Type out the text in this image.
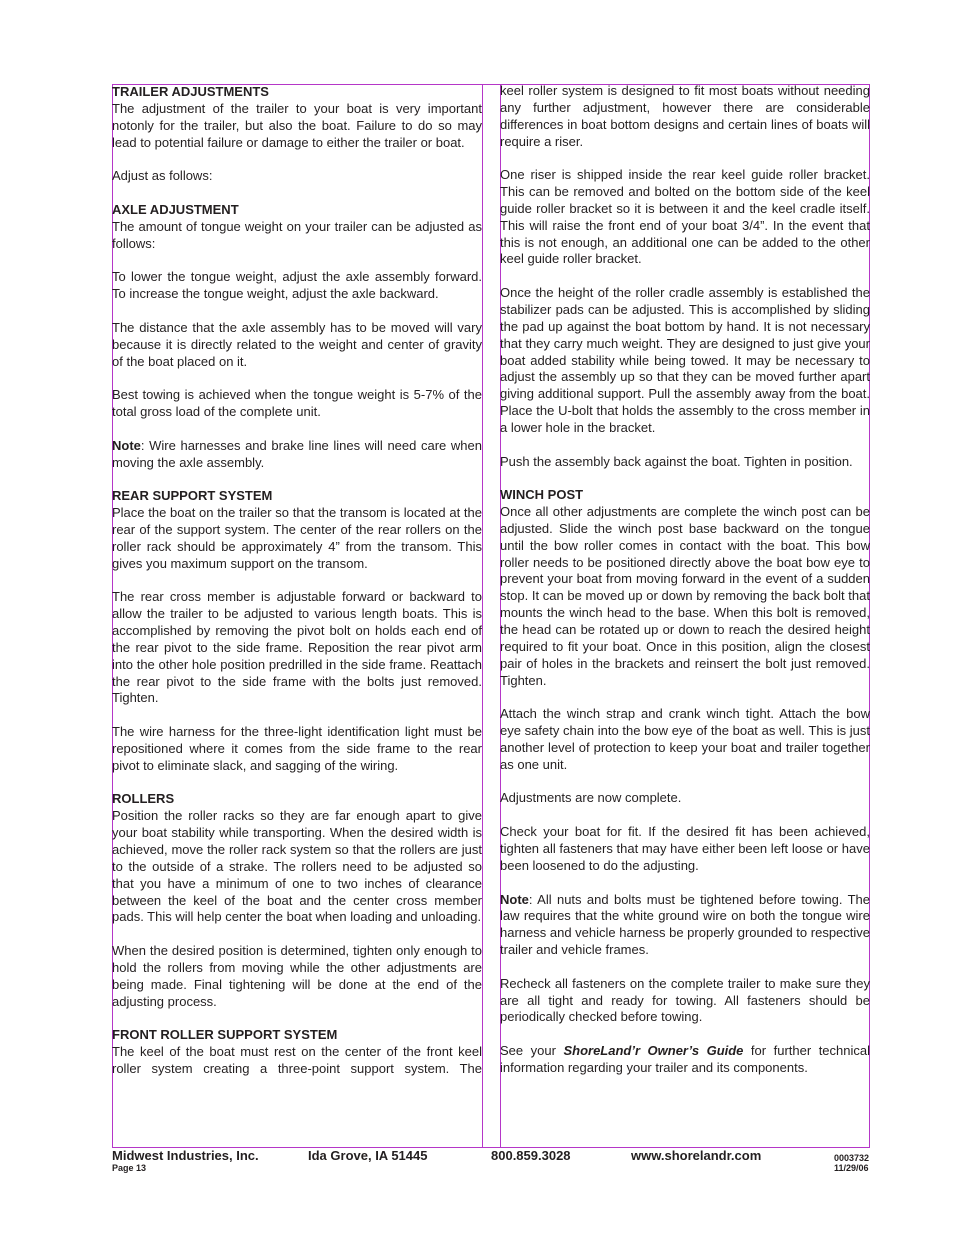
TRAILER ADJUSTMENTS

The adjustment of the trailer to your boat is very important notonly for the trailer, but also the boat. Failure to do so may lead to potential failure or damage to either the trailer or boat.

Adjust as follows:

AXLE ADJUSTMENT

The amount of tongue weight on your trailer can be adjusted as follows:

To lower the tongue weight, adjust the axle assembly forward. To increase the tongue weight, adjust the axle backward.

The distance that the axle assembly has to be moved will vary because it is directly related to the weight and center of gravity of the boat placed on it.

Best towing is achieved when the tongue weight is 5-7% of the total gross load of the complete unit.

Note: Wire harnesses and brake line lines will need care when moving the axle assembly.

REAR SUPPORT SYSTEM

Place the boat on the trailer so that the transom is located at the rear of the support system. The center of the rear rollers on the roller rack should be approximately 4” from the transom. This gives you maximum support on the transom.

The rear cross member is adjustable forward or backward to allow the trailer to be adjusted to various length boats. This is accomplished by removing the pivot bolt on holds each end of the rear pivot to the side frame. Reposition the rear pivot arm into the other hole position predrilled in the side frame. Reattach the rear pivot to the side frame with the bolts just removed. Tighten.

The wire harness for the three-light identification light must be repositioned where it comes from the side frame to the rear pivot to eliminate slack, and sagging of the wiring.

ROLLERS

Position the roller racks so they are far enough apart to give your boat stability while transporting. When the desired width is achieved, move the roller rack system so that the rollers are just to the outside of a strake. The rollers need to be adjusted so that you have a minimum of one to two inches of clearance between the keel of the boat and the center cross member pads. This will help center the boat when loading and unloading.

When the desired position is determined, tighten only enough to hold the rollers from moving while the other adjustments are being made. Final tightening will be done at the end of the adjusting process.

FRONT ROLLER SUPPORT SYSTEM

The keel of the boat must rest on the center of the front keel roller system creating a three-point support system. The

keel roller system is designed to fit most boats without needing any further adjustment, however there are considerable differences in boat bottom designs and certain lines of boats will require a riser.

One riser is shipped inside the rear keel guide roller bracket. This can be removed and bolted on the bottom side of the keel guide roller bracket so it is between it and the keel cradle itself. This will raise the front end of your boat 3/4”. In the event that this is not enough, an additional one can be added to the other keel guide roller bracket.

Once the height of the roller cradle assembly is established the stabilizer pads can be adjusted. This is accomplished by sliding the pad up against the boat bottom by hand. It is not necessary that they carry much weight. They are designed to just give your boat added stability while being towed. It may be necessary to adjust the assembly up so that they can be moved further apart giving additional support. Pull the assembly away from the boat. Place the U-bolt that holds the assembly to the cross member in a lower hole in the bracket.

Push the assembly back against the boat. Tighten in position.

WINCH POST

Once all other adjustments are complete the winch post can be adjusted. Slide the winch post base backward on the tongue until the bow roller comes in contact with the boat. This bow roller needs to be positioned directly above the boat bow eye to prevent your boat from moving forward in the event of a sudden stop. It can be moved up or down by removing the back bolt that mounts the winch head to the base. When this bolt is removed, the head can be rotated up or down to reach the desired height required to fit your boat. Once in this position, align the closest pair of holes in the brackets and reinsert the bolt just removed. Tighten.

Attach the winch strap and crank winch tight. Attach the bow eye safety chain into the bow eye of the boat as well. This is just another level of protection to keep your boat and trailer together as one unit.

Adjustments are now complete.

Check your boat for fit. If the desired fit has been achieved, tighten all fasteners that may have either been left loose or have been loosened to do the adjusting.

Note: All nuts and bolts must be tightened before towing. The law requires that the white ground wire on both the tongue wire harness and vehicle harness be properly grounded to respective trailer and vehicle frames.

Recheck all fasteners on the complete trailer to make sure they are all tight and ready for towing. All fasteners should be periodically checked before towing.

See your ShoreLand’r Owner’s Guide for further technical information regarding your trailer and its components.

Midwest Industries, Inc.	Ida Grove, IA 51445	800.859.3028	www.shorelandr.com
Page 13
0003732
11/29/06
